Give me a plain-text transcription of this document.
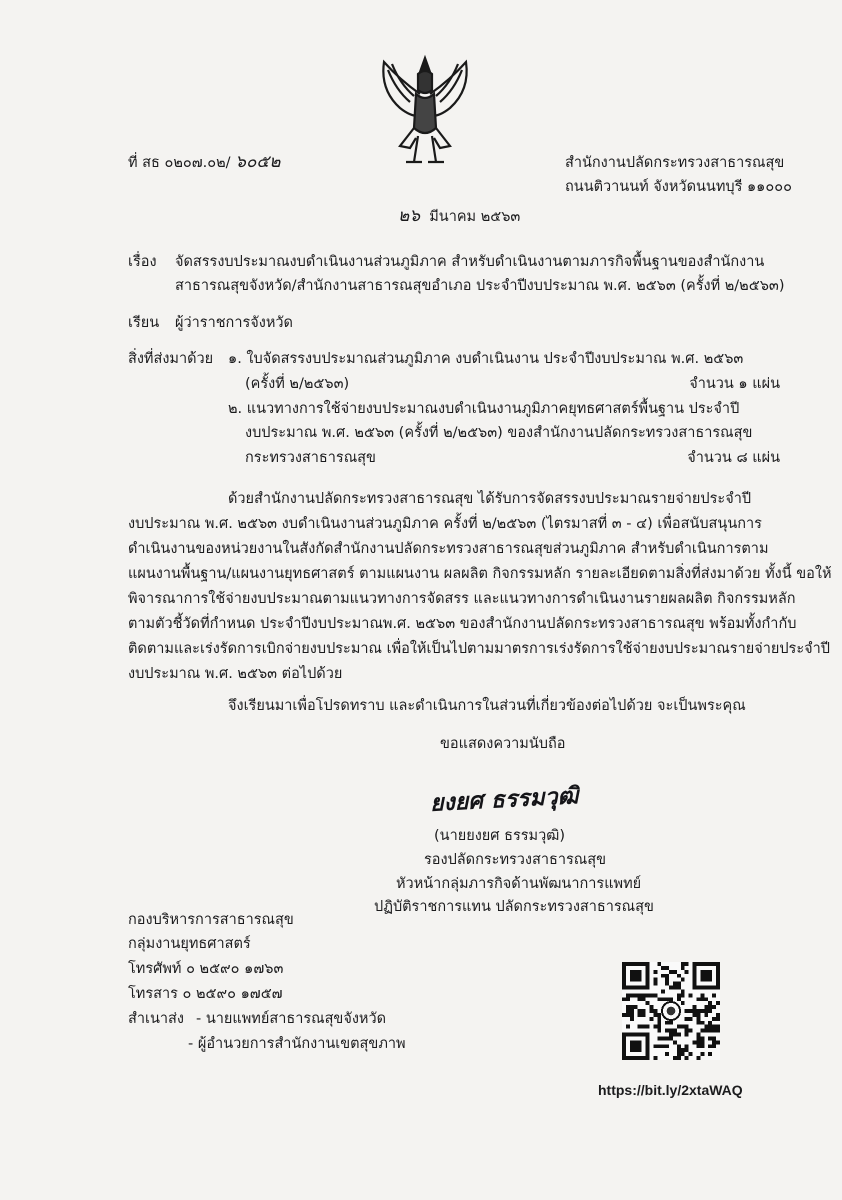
ที่ สธ ๐๒๐๗.๐๒/ ๖๐๕๒	สำนักงานปลัดกระทรวงสาธารณสุข
ถนนติวานนท์ จังหวัดนนทบุรี ๑๑๐๐๐
๒๖ มีนาคม ๒๕๖๓
เรื่อง จัดสรรงบประมาณงบดำเนินงานส่วนภูมิภาค สำหรับดำเนินงานตามภารกิจพื้นฐานของสำนักงาน
สาธารณสุขจังหวัด/สำนักงานสาธารณสุขอำเภอ ประจำปีงบประมาณ พ.ศ. ๒๕๖๓ (ครั้งที่ ๒/๒๕๖๓)
เรียน ผู้ว่าราชการจังหวัด
สิ่งที่ส่งมาด้วย ๑. ใบจัดสรรงบประมาณส่วนภูมิภาค งบดำเนินงาน ประจำปีงบประมาณ พ.ศ. ๒๕๖๓
(ครั้งที่ ๒/๒๕๖๓)	จำนวน ๑ แผ่น
๒. แนวทางการใช้จ่ายงบประมาณงบดำเนินงานภูมิภาคยุทธศาสตร์พื้นฐาน ประจำปี
งบประมาณ พ.ศ. ๒๕๖๓ (ครั้งที่ ๒/๒๕๖๓) ของสำนักงานปลัดกระทรวงสาธารณสุข
กระทรวงสาธารณสุข	จำนวน ๘ แผ่น
ด้วยสำนักงานปลัดกระทรวงสาธารณสุข ได้รับการจัดสรรงบประมาณรายจ่ายประจำปี
งบประมาณ พ.ศ. ๒๕๖๓ งบดำเนินงานส่วนภูมิภาค ครั้งที่ ๒/๒๕๖๓ (ไตรมาสที่ ๓ - ๔) เพื่อสนับสนุนการ
ดำเนินงานของหน่วยงานในสังกัดสำนักงานปลัดกระทรวงสาธารณสุขส่วนภูมิภาค สำหรับดำเนินการตาม
แผนงานพื้นฐาน/แผนงานยุทธศาสตร์ ตามแผนงาน ผลผลิต กิจกรรมหลัก รายละเอียดตามสิ่งที่ส่งมาด้วย ทั้งนี้ ขอให้
พิจารณาการใช้จ่ายงบประมาณตามแนวทางการจัดสรร และแนวทางการดำเนินงานรายผลผลิต กิจกรรมหลัก
ตามตัวชี้วัดที่กำหนด ประจำปีงบประมาณพ.ศ. ๒๕๖๓ ของสำนักงานปลัดกระทรวงสาธารณสุข พร้อมทั้งกำกับ
ติดตามและเร่งรัดการเบิกจ่ายงบประมาณ เพื่อให้เป็นไปตามมาตรการเร่งรัดการใช้จ่ายงบประมาณรายจ่ายประจำปี
งบประมาณ พ.ศ. ๒๕๖๓ ต่อไปด้วย
จึงเรียนมาเพื่อโปรดทราบ และดำเนินการในส่วนที่เกี่ยวข้องต่อไปด้วย จะเป็นพระคุณ
ขอแสดงความนับถือ
ยงยศ ธรรมวุฒิ
(นายยงยศ ธรรมวุฒิ)
รองปลัดกระทรวงสาธารณสุข
หัวหน้ากลุ่มภารกิจด้านพัฒนาการแพทย์
ปฏิบัติราชการแทน ปลัดกระทรวงสาธารณสุข
กองบริหารการสาธารณสุข
กลุ่มงานยุทธศาสตร์
โทรศัพท์ ๐ ๒๕๙๐ ๑๗๖๓
โทรสาร ๐ ๒๕๙๐ ๑๗๕๗
สำเนาส่ง - นายแพทย์สาธารณสุขจังหวัด
- ผู้อำนวยการสำนักงานเขตสุขภาพ
https://bit.ly/2xtaWAQ
